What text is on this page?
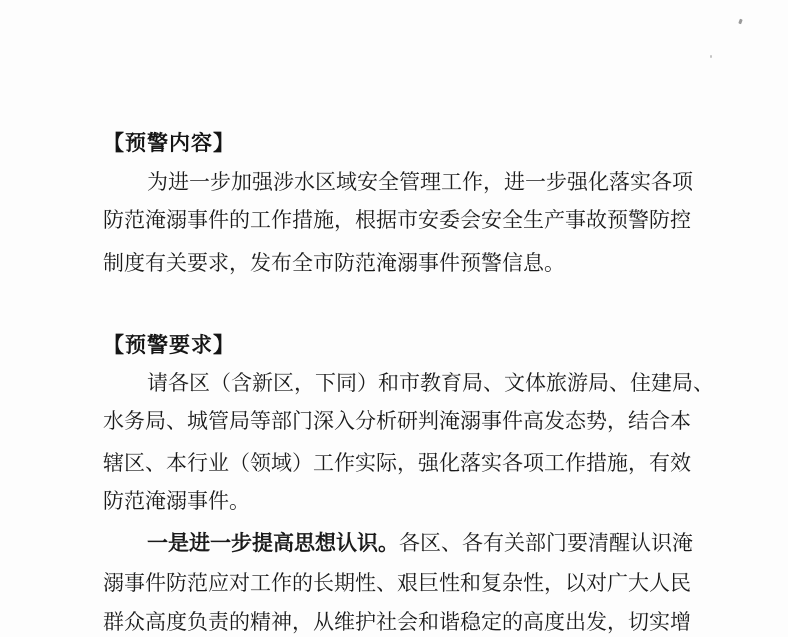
【预警内容】
为进一步加强涉水区域安全管理工作，进一步强化落实各项
防范淹溺事件的工作措施，根据市安委会安全生产事故预警防控
制度有关要求，发布全市防范淹溺事件预警信息。
【预警要求】
请各区（含新区，下同）和市教育局、文体旅游局、住建局、
水务局、城管局等部门深入分析研判淹溺事件高发态势，结合本
辖区、本行业（领域）工作实际，强化落实各项工作措施，有效
防范淹溺事件。
一是进一步提高思想认识。各区、各有关部门要清醒认识淹
溺事件防范应对工作的长期性、艰巨性和复杂性，以对广大人民
群众高度负责的精神，从维护社会和谐稳定的高度出发，切实增
